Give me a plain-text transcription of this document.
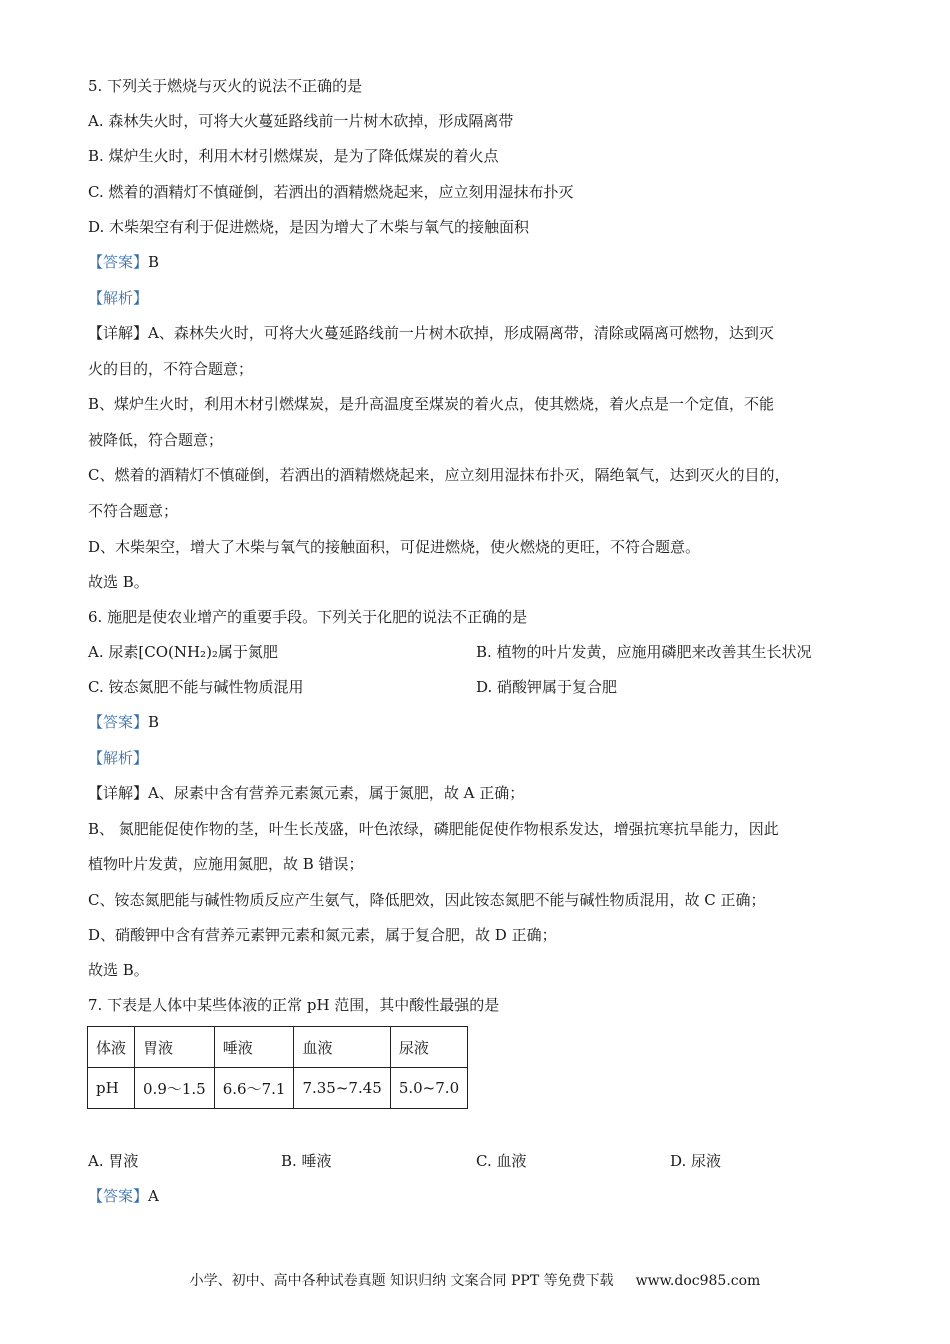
5. 下列关于燃烧与灭火的说法不正确的是
A. 森林失火时，可将大火蔓延路线前一片树木砍掉，形成隔离带
B. 煤炉生火时，利用木材引燃煤炭，是为了降低煤炭的着火点
C. 燃着的酒精灯不慎碰倒，若洒出的酒精燃烧起来，应立刻用湿抹布扑灭
D. 木柴架空有利于促进燃烧，是因为增大了木柴与氧气的接触面积
【答案】B
【解析】
【详解】A、森林失火时，可将大火蔓延路线前一片树木砍掉，形成隔离带，清除或隔离可燃物，达到灭
火的目的，不符合题意；
B、煤炉生火时，利用木材引燃煤炭，是升高温度至煤炭的着火点，使其燃烧，着火点是一个定值，不能
被降低，符合题意；
C、燃着的酒精灯不慎碰倒，若洒出的酒精燃烧起来，应立刻用湿抹布扑灭，隔绝氧气，达到灭火的目的，
不符合题意；
D、木柴架空，增大了木柴与氧气的接触面积，可促进燃烧，使火燃烧的更旺，不符合题意。
故选 B。
6. 施肥是使农业增产的重要手段。下列关于化肥的说法不正确的是
A. 尿素[CO(NH₂)₂属于氮肥	B. 植物的叶片发黄，应施用磷肥来改善其生长状况
C. 铵态氮肥不能与碱性物质混用	D. 硝酸钾属于复合肥
【答案】B
【解析】
【详解】A、尿素中含有营养元素氮元素，属于氮肥，故 A 正确；
B、 氮肥能促使作物的茎，叶生长茂盛，叶色浓绿，磷肥能促使作物根系发达，增强抗寒抗旱能力，因此
植物叶片发黄，应施用氮肥，故 B 错误；
C、铵态氮肥能与碱性物质反应产生氨气，降低肥效，因此铵态氮肥不能与碱性物质混用，故 C 正确；
D、硝酸钾中含有营养元素钾元素和氮元素，属于复合肥，故 D 正确；
故选 B。
7. 下表是人体中某些体液的正常 pH 范围，其中酸性最强的是
体液	胃液	唾液	血液	尿液
pH	0.9～1.5	6.6～7.1	7.35~7.45	5.0~7.0
A. 胃液	B. 唾液	C. 血液	D. 尿液
【答案】A
小学、初中、高中各种试卷真题 知识归纳 文案合同 PPT 等免费下载 www.doc985.com
